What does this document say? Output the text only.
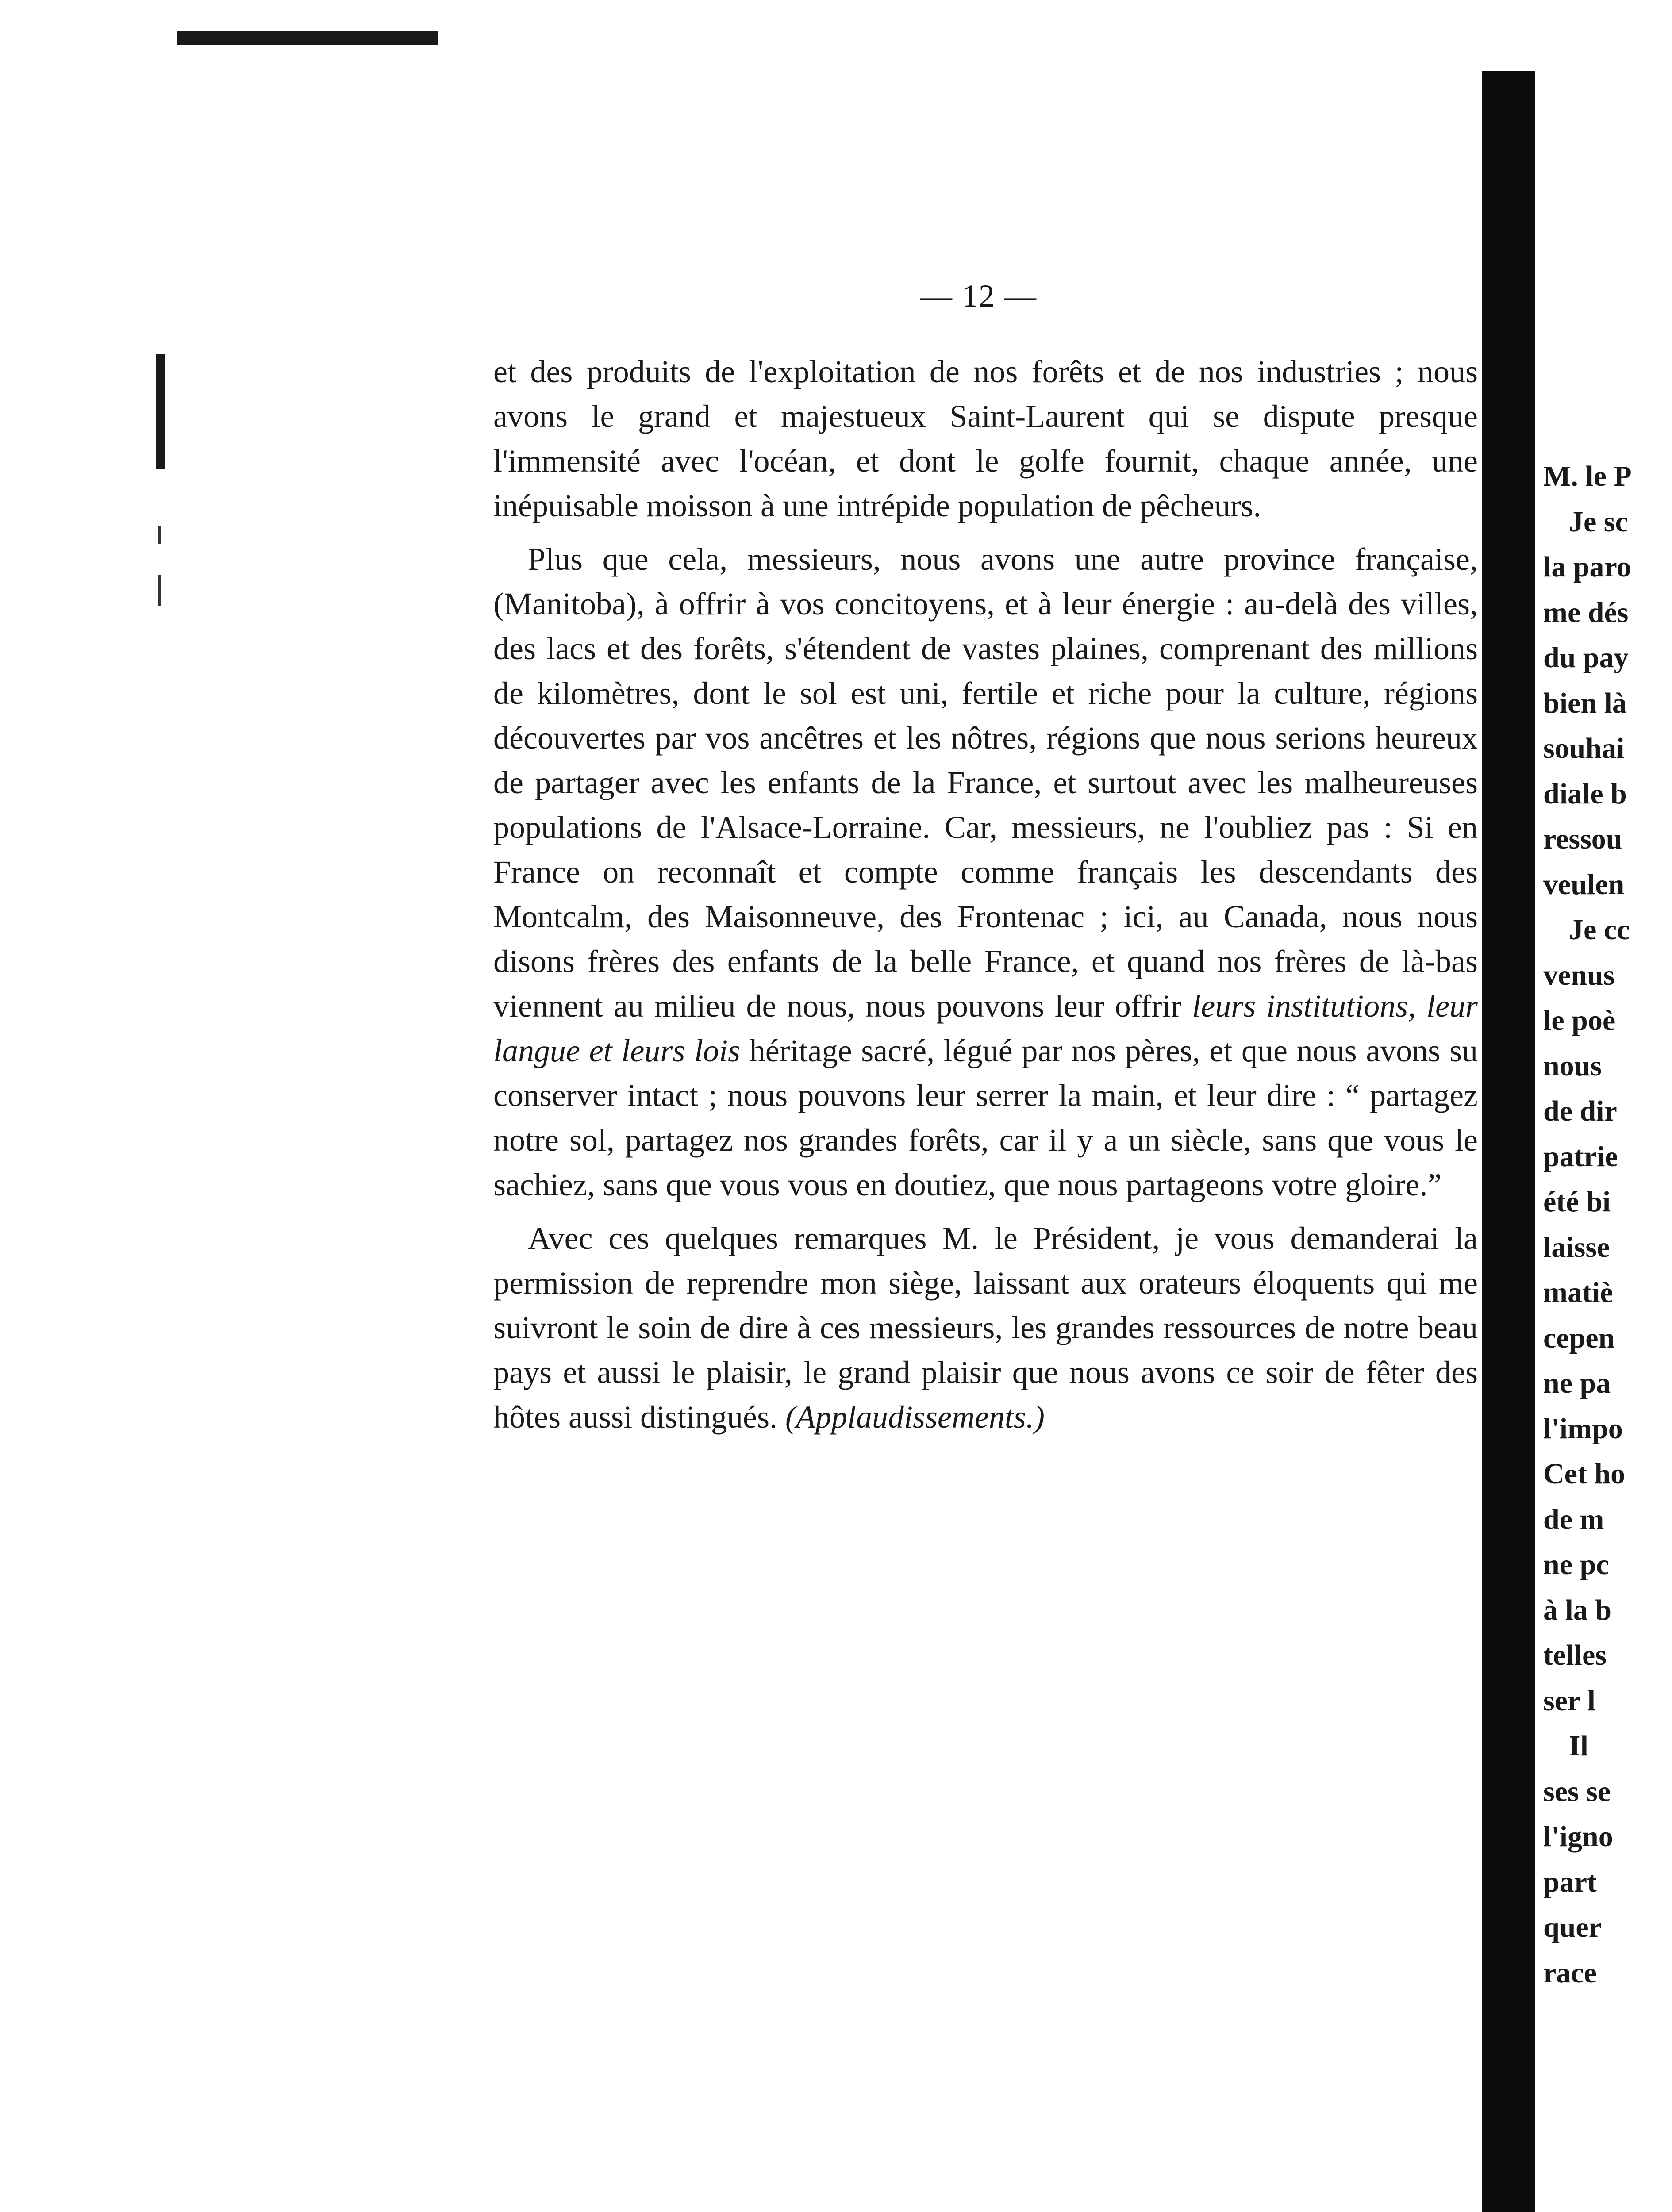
— 12 —

et des produits de l'exploitation de nos forêts et de nos industries ; nous avons le grand et majestueux Saint-Laurent qui se dispute presque l'immensité avec l'océan, et dont le golfe fournit, chaque année, une inépuisable moisson à une intrépide population de pêcheurs.

Plus que cela, messieurs, nous avons une autre province française, (Manitoba), à offrir à vos concitoyens, et à leur énergie : au-delà des villes, des lacs et des forêts, s'étendent de vastes plaines, comprenant des millions de kilomètres, dont le sol est uni, fertile et riche pour la culture, régions découvertes par vos ancêtres et les nôtres, régions que nous serions heureux de partager avec les enfants de la France, et surtout avec les malheureuses populations de l'Alsace-Lorraine. Car, messieurs, ne l'oubliez pas : Si en France on reconnaît et compte comme français les descendants des Montcalm, des Maisonneuve, des Frontenac ; ici, au Canada, nous nous disons frères des enfants de la belle France, et quand nos frères de là-bas viennent au milieu de nous, nous pouvons leur offrir leurs institutions, leur langue et leurs lois héritage sacré, légué par nos pères, et que nous avons su conserver intact ; nous pouvons leur serrer la main, et leur dire : “ partagez notre sol, partagez nos grandes forêts, car il y a un siècle, sans que vous le sachiez, sans que vous vous en doutiez, que nous partageons votre gloire.”

Avec ces quelques remarques M. le Président, je vous demanderai la permission de reprendre mon siège, laissant aux orateurs éloquents qui me suivront le soin de dire à ces messieurs, les grandes ressources de notre beau pays et aussi le plaisir, le grand plaisir que nous avons ce soir de fêter des hôtes aussi distingués. (Applaudissements.)

M. le P
Je sc
la paro
me dés
du pay
bien là
souhai
diale b
ressou
veulen
Je cc
venus
le poè
nous
de dir
patrie
été bi
laisse
matiè
cepen
ne pa
l'impo
Cet ho
de m
ne pc
à la b
telles
ser l
Il
ses se
l'igno
part
quer
race
